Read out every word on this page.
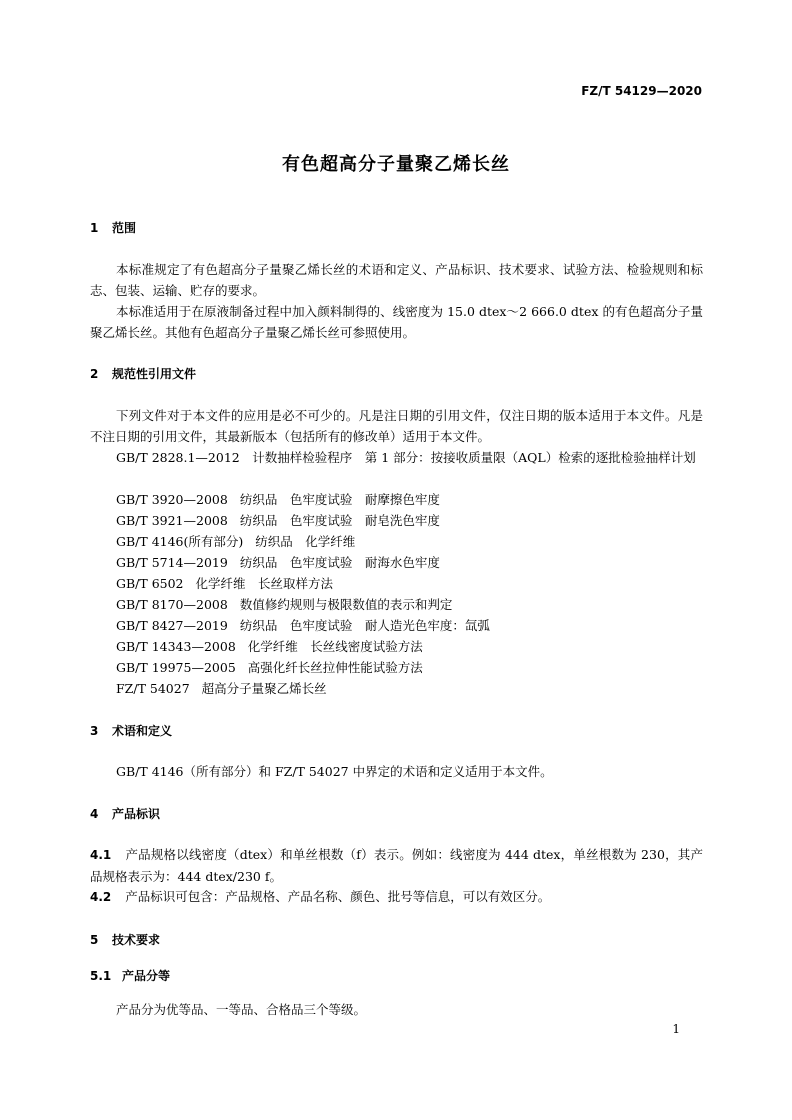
FZ/T 54129—2020
有色超高分子量聚乙烯长丝
1 范围
本标准规定了有色超高分子量聚乙烯长丝的术语和定义、产品标识、技术要求、试验方法、检验规则和标志、包装、运输、贮存的要求。
本标准适用于在原液制备过程中加入颜料制得的、线密度为 15.0 dtex～2 666.0 dtex 的有色超高分子量聚乙烯长丝。其他有色超高分子量聚乙烯长丝可参照使用。
2 规范性引用文件
下列文件对于本文件的应用是必不可少的。凡是注日期的引用文件，仅注日期的版本适用于本文件。凡是不注日期的引用文件，其最新版本（包括所有的修改单）适用于本文件。
GB/T 2828.1—2012　计数抽样检验程序　第 1 部分：按接收质量限（AQL）检索的逐批检验抽样计划
GB/T 3920—2008 纺织品　色牢度试验　耐摩擦色牢度
GB/T 3921—2008 纺织品　色牢度试验　耐皂洗色牢度
GB/T 4146(所有部分) 纺织品　化学纤维
GB/T 5714—2019 纺织品　色牢度试验　耐海水色牢度
GB/T 6502 化学纤维　长丝取样方法
GB/T 8170—2008 数值修约规则与极限数值的表示和判定
GB/T 8427—2019 纺织品　色牢度试验　耐人造光色牢度：氙弧
GB/T 14343—2008 化学纤维　长丝线密度试验方法
GB/T 19975—2005 高强化纤长丝拉伸性能试验方法
FZ/T 54027 超高分子量聚乙烯长丝
3 术语和定义
GB/T 4146（所有部分）和 FZ/T 54027 中界定的术语和定义适用于本文件。
4 产品标识
4.1 产品规格以线密度（dtex）和单丝根数（f）表示。例如：线密度为 444 dtex，单丝根数为 230，其产品规格表示为：444 dtex/230 f。
4.2 产品标识可包含：产品规格、产品名称、颜色、批号等信息，可以有效区分。
5 技术要求
5.1 产品分等
产品分为优等品、一等品、合格品三个等级。
1
